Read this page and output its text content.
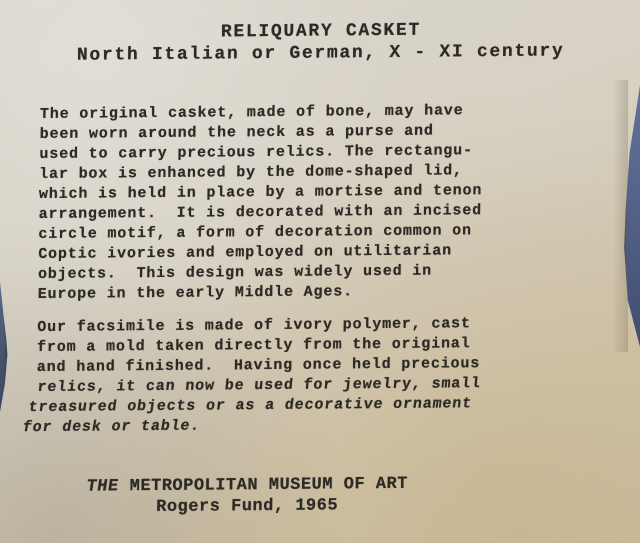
RELIQUARY CASKET
North Italian or German, X - XI century
The original casket, made of bone, may have
been worn around the neck as a purse and
used to carry precious relics. The rectangu-
lar box is enhanced by the dome-shaped lid,
which is held in place by a mortise and tenon
arrangement.  It is decorated with an incised
circle motif, a form of decoration common on
Coptic ivories and employed on utilitarian
objects.  This design was widely used in
Europe in the early Middle Ages.
Our facsimile is made of ivory polymer, cast
from a mold taken directly from the original
and hand finished.  Having once held precious
relics, it can now be used for jewelry, small
treasured objects or as a decorative ornament
for desk or table.
THE METROPOLITAN MUSEUM OF ART
Rogers Fund, 1965
